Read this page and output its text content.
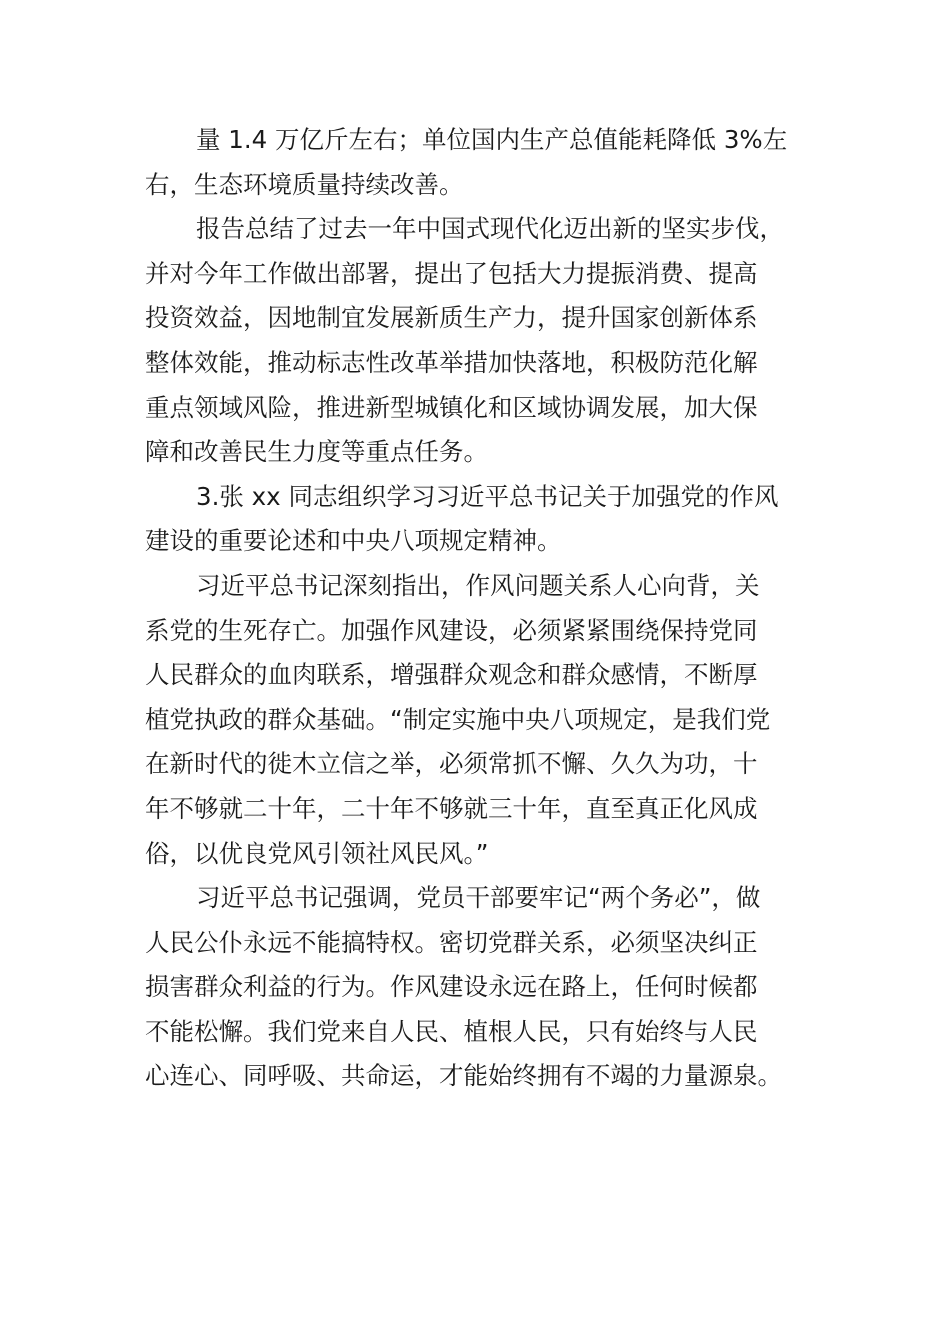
量 1.4 万亿斤左右；单位国内生产总值能耗降低 3%左
右，生态环境质量持续改善。
报告总结了过去一年中国式现代化迈出新的坚实步伐，
并对今年工作做出部署，提出了包括大力提振消费、提高
投资效益，因地制宜发展新质生产力，提升国家创新体系
整体效能，推动标志性改革举措加快落地，积极防范化解
重点领域风险，推进新型城镇化和区域协调发展，加大保
障和改善民生力度等重点任务。
3.张 xx 同志组织学习习近平总书记关于加强党的作风
建设的重要论述和中央八项规定精神。
习近平总书记深刻指出，作风问题关系人心向背，关
系党的生死存亡。加强作风建设，必须紧紧围绕保持党同
人民群众的血肉联系，增强群众观念和群众感情，不断厚
植党执政的群众基础。“制定实施中央八项规定，是我们党
在新时代的徙木立信之举，必须常抓不懈、久久为功，十
年不够就二十年，二十年不够就三十年，直至真正化风成
俗，以优良党风引领社风民风。”
习近平总书记强调，党员干部要牢记“两个务必”，做
人民公仆永远不能搞特权。密切党群关系，必须坚决纠正
损害群众利益的行为。作风建设永远在路上，任何时候都
不能松懈。我们党来自人民、植根人民，只有始终与人民
心连心、同呼吸、共命运，才能始终拥有不竭的力量源泉。
